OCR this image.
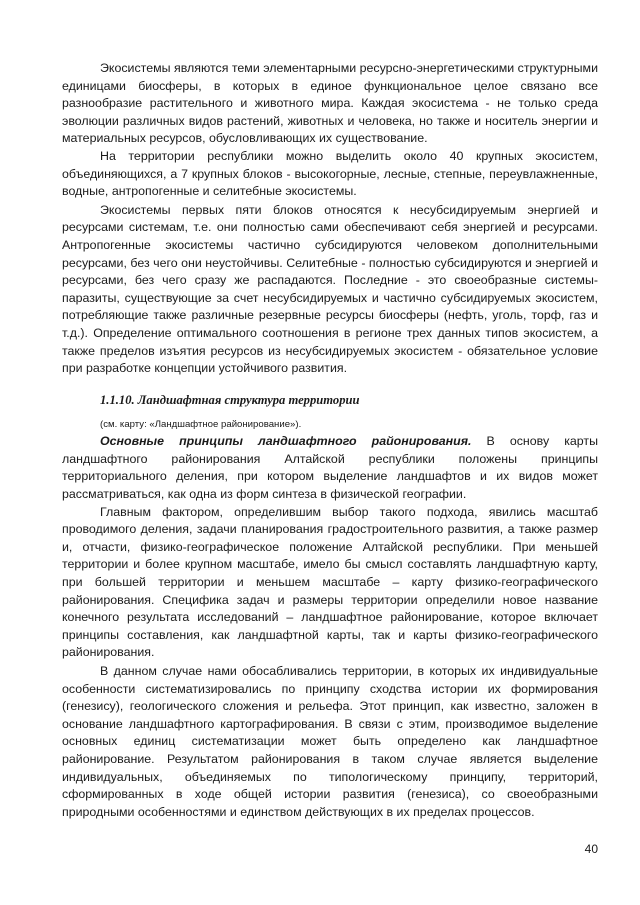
Экосистемы являются теми элементарными ресурсно-энергетическими структурными единицами биосферы, в которых в единое функциональное целое связано все разнообразие растительного и животного мира. Каждая экосистема - не только среда эволюции различных видов растений, животных и человека, но также и носитель энергии и материальных ресурсов, обусловливающих их существование.

На территории республики можно выделить около 40 крупных экосистем, объединяющихся, а 7 крупных блоков - высокогорные, лесные, степные, переувлажненные, водные, антропогенные и селитебные экосистемы.

Экосистемы первых пяти блоков относятся к несубсидируемым энергией и ресурсами системам, т.е. они полностью сами обеспечивают себя энергией и ресурсами. Антропогенные экосистемы частично субсидируются человеком дополнительными ресурсами, без чего они неустойчивы. Селитебные - полностью субсидируются и энергией и ресурсами, без чего сразу же распадаются. Последние - это своеобразные системы-паразиты, существующие за счет несубсидируемых и частично субсидируемых экосистем, потребляющие также различные резервные ресурсы биосферы (нефть, уголь, торф, газ и т.д.). Определение оптимального соотношения в регионе трех данных типов экосистем, а также пределов изъятия ресурсов из несубсидируемых экосистем - обязательное условие при разработке концепции устойчивого развития.

1.1.10. Ландшафтная структура территории
(см. карту: «Ландшафтное районирование»).

Основные принципы ландшафтного районирования. В основу карты ландшафтного районирования Алтайской республики положены принципы территориального деления, при котором выделение ландшафтов и их видов может рассматриваться, как одна из форм синтеза в физической географии.

Главным фактором, определившим выбор такого подхода, явились масштаб проводимого деления, задачи планирования градостроительного развития, а также размер и, отчасти, физико-географическое положение Алтайской республики. При меньшей территории и более крупном масштабе, имело бы смысл составлять ландшафтную карту, при большей территории и меньшем масштабе – карту физико-географического районирования. Специфика задач и размеры территории определили новое название конечного результата исследований – ландшафтное районирование, которое включает принципы составления, как ландшафтной карты, так и карты физико-географического районирования.

В данном случае нами обосабливались территории, в которых их индивидуальные особенности систематизировались по принципу сходства истории их формирования (генезису), геологического сложения и рельефа. Этот принцип, как известно, заложен в основание ландшафтного картографирования. В связи с этим, производимое выделение основных единиц систематизации может быть определено как ландшафтное районирование. Результатом районирования в таком случае является выделение индивидуальных, объединяемых по типологическому принципу, территорий, сформированных в ходе общей истории развития (генезиса), со своеобразными природными особенностями и единством действующих в их пределах процессов.

40
